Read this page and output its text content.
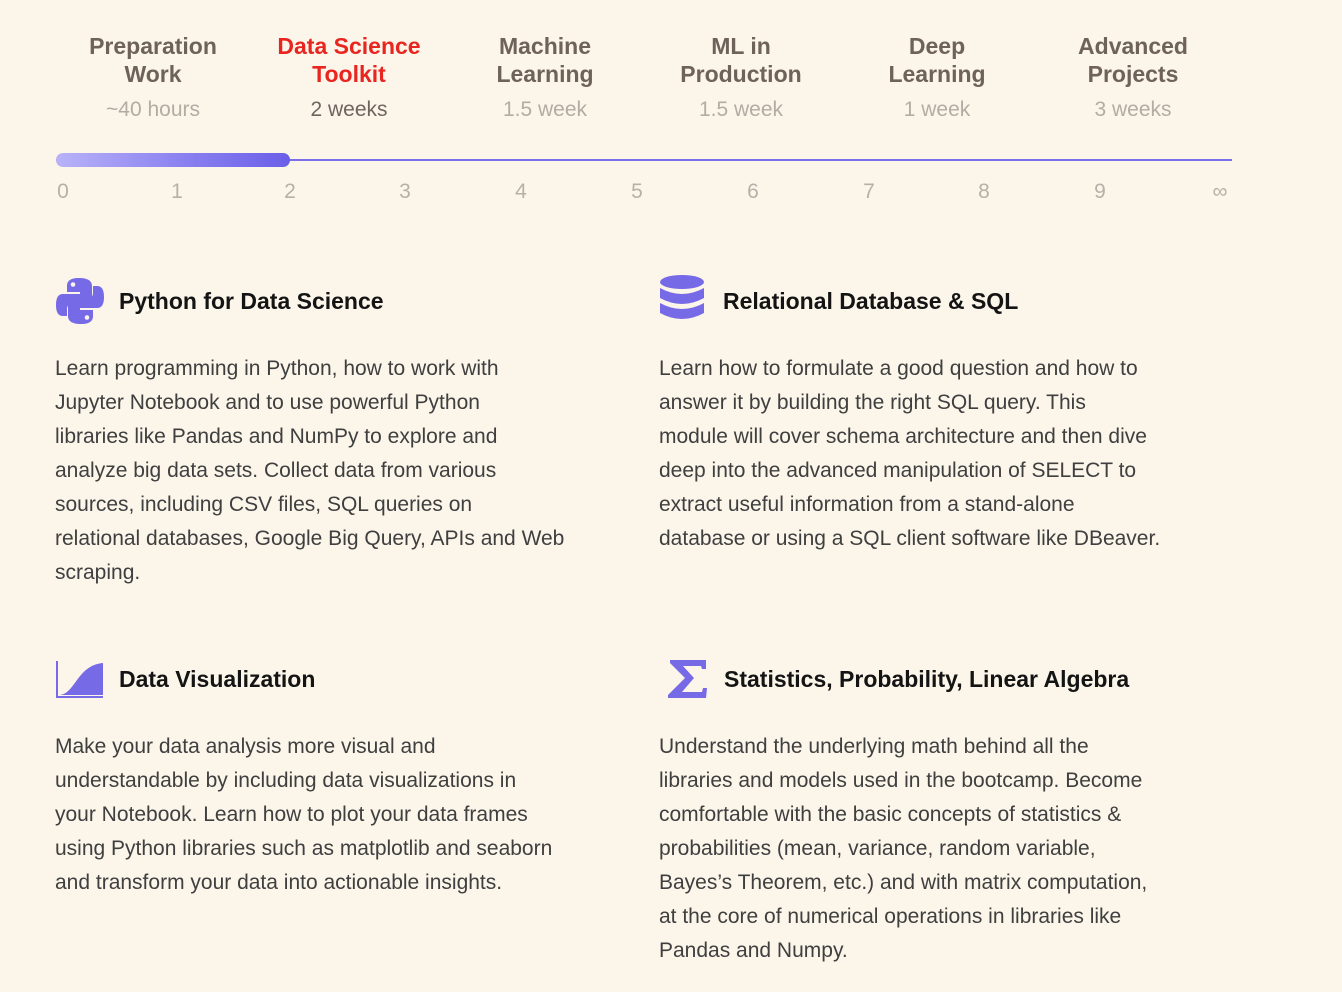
Preparation
Work
~40 hours
Data Science
Toolkit
2 weeks
Machine
Learning
1.5 week
ML in
Production
1.5 week
Deep
Learning
1 week
Advanced
Projects
3 weeks
0	1	2	3	4	5	6	7	8	9	∞
Python for Data Science
Learn programming in Python, how to work with
Jupyter Notebook and to use powerful Python
libraries like Pandas and NumPy to explore and
analyze big data sets. Collect data from various
sources, including CSV files, SQL queries on
relational databases, Google Big Query, APIs and Web
scraping.
Relational Database & SQL
Learn how to formulate a good question and how to
answer it by building the right SQL query. This
module will cover schema architecture and then dive
deep into the advanced manipulation of SELECT to
extract useful information from a stand-alone
database or using a SQL client software like DBeaver.
Data Visualization
Make your data analysis more visual and
understandable by including data visualizations in
your Notebook. Learn how to plot your data frames
using Python libraries such as matplotlib and seaborn
and transform your data into actionable insights.
Statistics, Probability, Linear Algebra
Understand the underlying math behind all the
libraries and models used in the bootcamp. Become
comfortable with the basic concepts of statistics &
probabilities (mean, variance, random variable,
Bayes’s Theorem, etc.) and with matrix computation,
at the core of numerical operations in libraries like
Pandas and Numpy.
